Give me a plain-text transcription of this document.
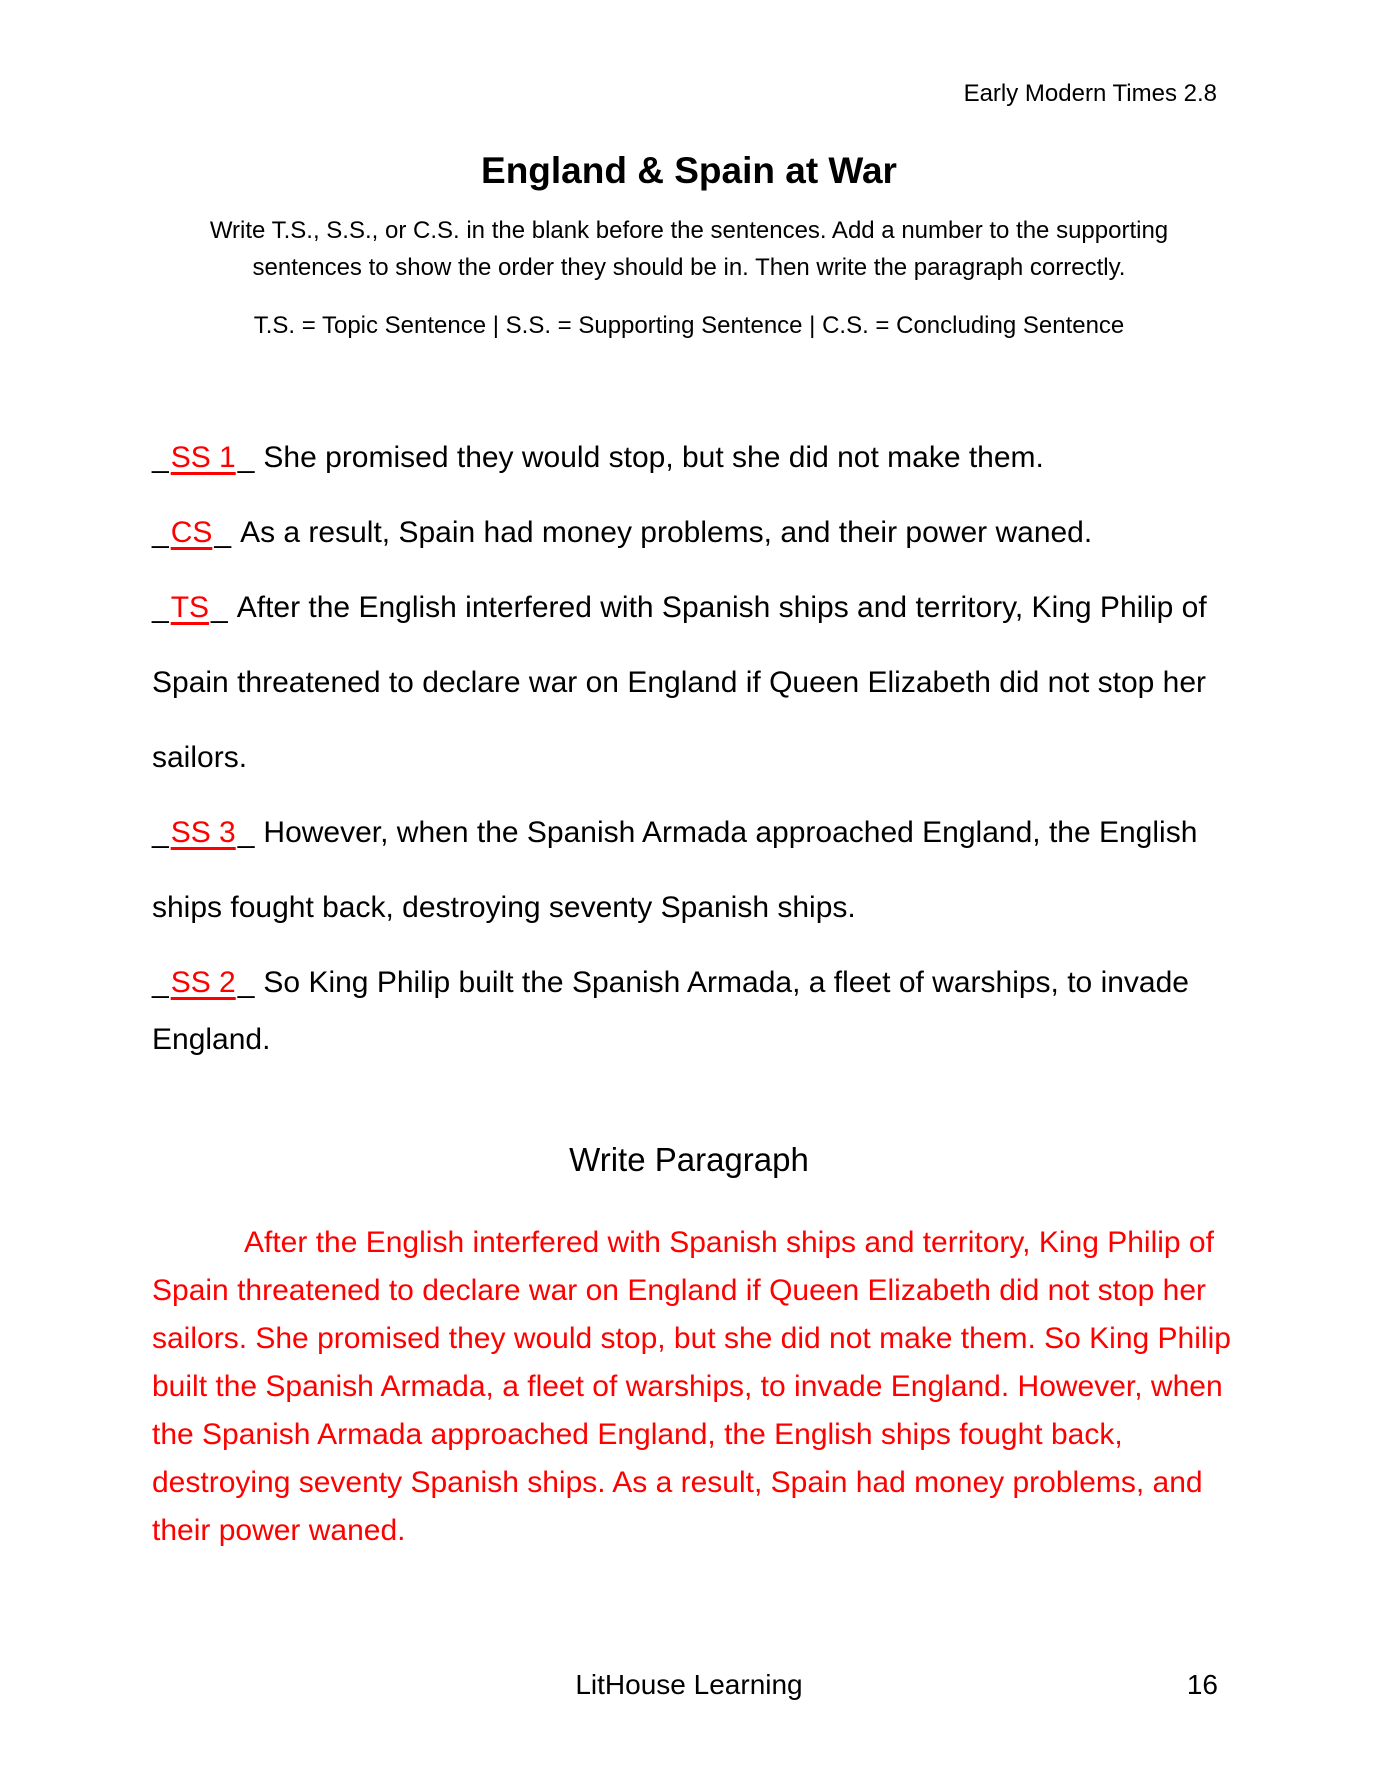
Early Modern Times 2.8
England & Spain at War

Write T.S., S.S., or C.S. in the blank before the sentences. Add a number to the supporting sentences to show the order they should be in. Then write the paragraph correctly.

T.S. = Topic Sentence | S.S. = Supporting Sentence | C.S. = Concluding Sentence

_SS 1_ She promised they would stop, but she did not make them.

_CS_ As a result, Spain had money problems, and their power waned.

_TS_ After the English interfered with Spanish ships and territory, King Philip of Spain threatened to declare war on England if Queen Elizabeth did not stop her sailors.

_SS 3_ However, when the Spanish Armada approached England, the English ships fought back, destroying seventy Spanish ships.

_SS 2_ So King Philip built the Spanish Armada, a fleet of warships, to invade England.

Write Paragraph

After the English interfered with Spanish ships and territory, King Philip of Spain threatened to declare war on England if Queen Elizabeth did not stop her sailors. She promised they would stop, but she did not make them. So King Philip built the Spanish Armada, a fleet of warships, to invade England. However, when the Spanish Armada approached England, the English ships fought back, destroying seventy Spanish ships. As a result, Spain had money problems, and their power waned.

LitHouse Learning	16
